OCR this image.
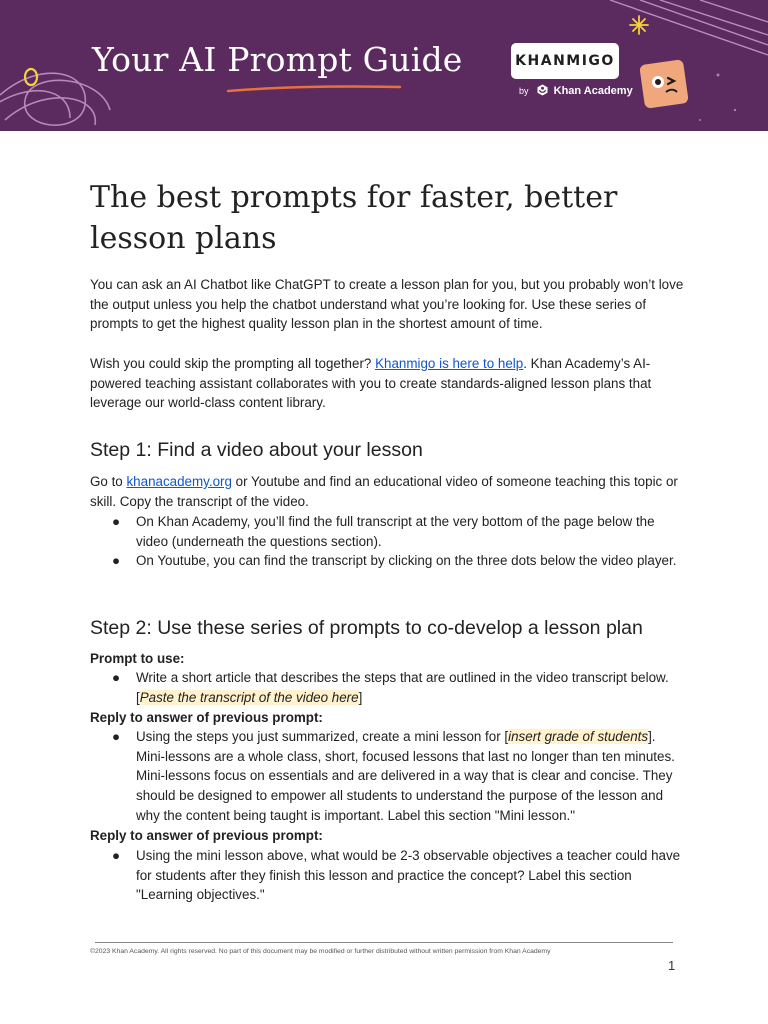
Your AI Prompt Guide	KHANMIGO
by Khan Academy
The best prompts for faster, better lesson plans

You can ask an AI Chatbot like ChatGPT to create a lesson plan for you, but you probably won’t love the output unless you help the chatbot understand what you’re looking for. Use these series of prompts to get the highest quality lesson plan in the shortest amount of time.

Wish you could skip the prompting all together? Khanmigo is here to help. Khan Academy’s AI-powered teaching assistant collaborates with you to create standards-aligned lesson plans that leverage our world-class content library.

Step 1: Find a video about your lesson

Go to khanacademy.org or Youtube and find an educational video of someone teaching this topic or skill. Copy the transcript of the video.

●	On Khan Academy, you’ll find the full transcript at the very bottom of the page below the video (underneath the questions section).
●	On Youtube, you can find the transcript by clicking on the three dots below the video player.
Step 2: Use these series of prompts to co-develop a lesson plan

Prompt to use:

●	Write a short article that describes the steps that are outlined in the video transcript below. [Paste the transcript of the video here]

Reply to answer of previous prompt:

●	Using the steps you just summarized, create a mini lesson for [insert grade of students]. Mini-lessons are a whole class, short, focused lessons that last no longer than ten minutes. Mini-lessons focus on essentials and are delivered in a way that is clear and concise. They should be designed to empower all students to understand the purpose of the lesson and why the content being taught is important. Label this section "Mini lesson."

Reply to answer of previous prompt:

●	Using the mini lesson above, what would be 2-3 observable objectives a teacher could have for students after they finish this lesson and practice the concept? Label this section "Learning objectives."
©2023 Khan Academy. All rights reserved. No part of this document may be modified or further distributed without written permission from Khan Academy
1
